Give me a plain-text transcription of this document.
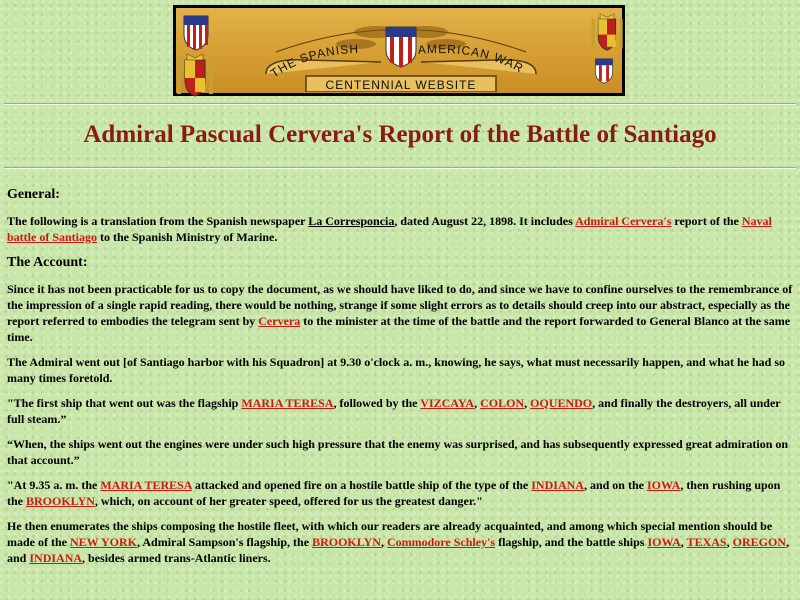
THE SPANISH	AMERICAN WAR
CENTENNIAL WEBSITE
Admiral Pascual Cervera's Report of the Battle of Santiago
General:

The following is a translation from the Spanish newspaper La Corresponcia, dated August 22, 1898. It includes Admiral Cervera's report of the Naval battle of Santiago to the Spanish Ministry of Marine.

The Account:

Since it has not been practicable for us to copy the document, as we should have liked to do, and since we have to confine ourselves to the remembrance of the impression of a single rapid reading, there would be nothing, strange if some slight errors as to details should creep into our abstract, especially as the report referred to embodies the telegram sent by Cervera to the minister at the time of the battle and the report forwarded to General Blanco at the same time.

The Admiral went out [of Santiago harbor with his Squadron] at 9.30 o'clock a. m., knowing, he says, what must necessarily happen, and what he had so many times foretold.

"The first ship that went out was the flagship MARIA TERESA, followed by the VIZCAYA, COLON, OQUENDO, and finally the destroyers, all under full steam.”

“When, the ships went out the engines were under such high pressure that the enemy was surprised, and has subsequently expressed great admiration on that account.”

"At 9.35 a. m. the MARIA TERESA attacked and opened fire on a hostile battle ship of the type of the INDIANA, and on the IOWA, then rushing upon the BROOKLYN, which, on account of her greater speed, offered for us the greatest danger."

He then enumerates the ships composing the hostile fleet, with which our readers are already acquainted, and among which special mention should be made of the NEW YORK, Admiral Sampson's flagship, the BROOKLYN, Commodore Schley's flagship, and the battle ships IOWA, TEXAS, OREGON, and INDIANA, besides armed trans-Atlantic liners.
